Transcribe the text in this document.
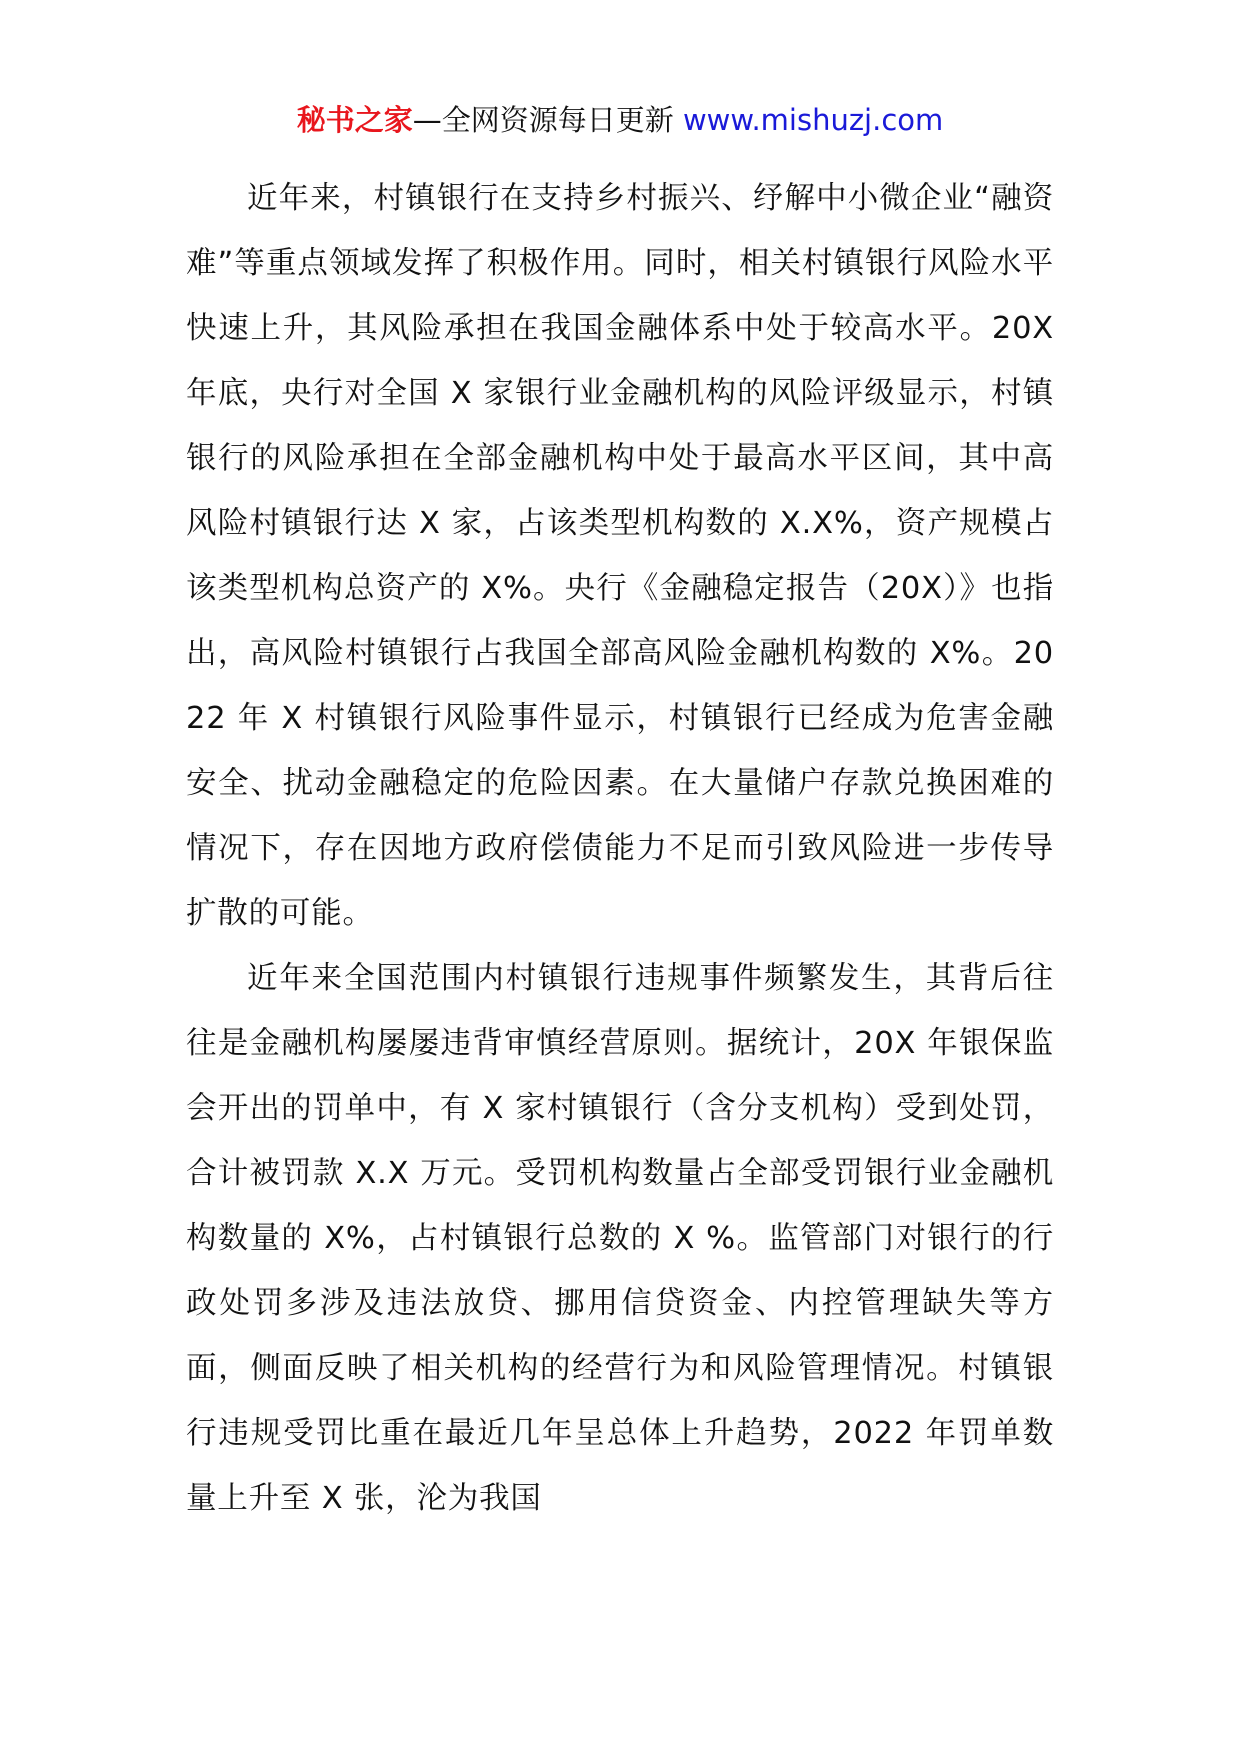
秘书之家—全网资源每日更新 www.mishuzj.com

近年来，村镇银行在支持乡村振兴、纾解中小微企业“融资难”等重点领域发挥了积极作用。同时，相关村镇银行风险水平快速上升，其风险承担在我国金融体系中处于较高水平。20X 年底，央行对全国 X 家银行业金融机构的风险评级显示，村镇银行的风险承担在全部金融机构中处于最高水平区间，其中高风险村镇银行达 X 家，占该类型机构数的 X.X%，资产规模占该类型机构总资产的 X%。央行《金融稳定报告（20X）》也指出，高风险村镇银行占我国全部高风险金融机构数的 X%。2022 年 X 村镇银行风险事件显示，村镇银行已经成为危害金融安全、扰动金融稳定的危险因素。在大量储户存款兑换困难的情况下，存在因地方政府偿债能力不足而引致风险进一步传导扩散的可能。

近年来全国范围内村镇银行违规事件频繁发生，其背后往往是金融机构屡屡违背审慎经营原则。据统计，20X 年银保监会开出的罚单中，有 X 家村镇银行（含分支机构）受到处罚，合计被罚款 X.X 万元。受罚机构数量占全部受罚银行业金融机构数量的 X%，占村镇银行总数的 X %。监管部门对银行的行政处罚多涉及违法放贷、挪用信贷资金、内控管理缺失等方面，侧面反映了相关机构的经营行为和风险管理情况。村镇银行违规受罚比重在最近几年呈总体上升趋势，2022 年罚单数量上升至 X 张，沦为我国
